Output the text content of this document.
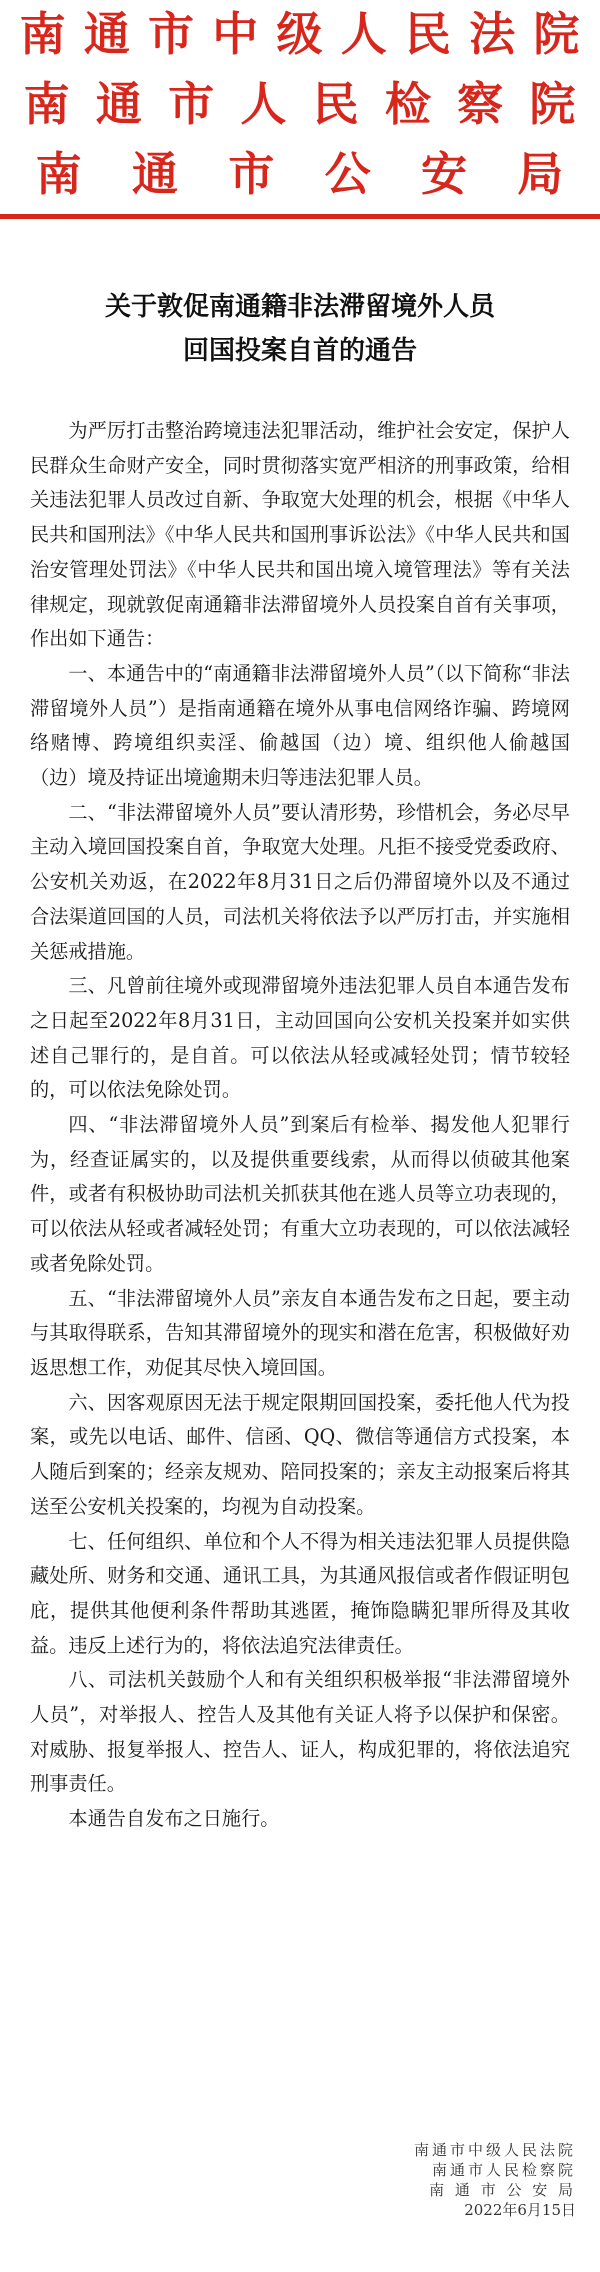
南 通 市 中 级 人 民 法 院
南 通 市 人 民 检 察 院
南 通 市 公 安 局
关于敦促南通籍非法滞留境外人员
回国投案自首的通告

为严厉打击整治跨境违法犯罪活动，维护社会安定，保护人民群众生命财产安全，同时贯彻落实宽严相济的刑事政策，给相关违法犯罪人员改过自新、争取宽大处理的机会，根据《中华人民共和国刑法》《中华人民共和国刑事诉讼法》《中华人民共和国治安管理处罚法》《中华人民共和国出境入境管理法》等有关法律规定，现就敦促南通籍非法滞留境外人员投案自首有关事项，作出如下通告：

一、本通告中的“南通籍非法滞留境外人员”（以下简称“非法滞留境外人员”）是指南通籍在境外从事电信网络诈骗、跨境网络赌博、跨境组织卖淫、偷越国（边）境、组织他人偷越国（边）境及持证出境逾期未归等违法犯罪人员。

二、“非法滞留境外人员”要认清形势，珍惜机会，务必尽早主动入境回国投案自首，争取宽大处理。凡拒不接受党委政府、公安机关劝返，在2022年8月31日之后仍滞留境外以及不通过合法渠道回国的人员，司法机关将依法予以严厉打击，并实施相关惩戒措施。

三、凡曾前往境外或现滞留境外违法犯罪人员自本通告发布之日起至2022年8月31日，主动回国向公安机关投案并如实供述自己罪行的，是自首。可以依法从轻或减轻处罚；情节较轻的，可以依法免除处罚。

四、“非法滞留境外人员”到案后有检举、揭发他人犯罪行为，经查证属实的，以及提供重要线索，从而得以侦破其他案件，或者有积极协助司法机关抓获其他在逃人员等立功表现的，可以依法从轻或者减轻处罚；有重大立功表现的，可以依法减轻或者免除处罚。

五、“非法滞留境外人员”亲友自本通告发布之日起，要主动与其取得联系，告知其滞留境外的现实和潜在危害，积极做好劝返思想工作，劝促其尽快入境回国。

六、因客观原因无法于规定限期回国投案，委托他人代为投案，或先以电话、邮件、信函、QQ、微信等通信方式投案，本人随后到案的；经亲友规劝、陪同投案的；亲友主动报案后将其送至公安机关投案的，均视为自动投案。

七、任何组织、单位和个人不得为相关违法犯罪人员提供隐藏处所、财务和交通、通讯工具，为其通风报信或者作假证明包庇，提供其他便利条件帮助其逃匿，掩饰隐瞒犯罪所得及其收益。违反上述行为的，将依法追究法律责任。

八、司法机关鼓励个人和有关组织积极举报“非法滞留境外人员”，对举报人、控告人及其他有关证人将予以保护和保密。对威胁、报复举报人、控告人、证人，构成犯罪的，将依法追究刑事责任。

本通告自发布之日施行。

南通市中级人民法院
南通市人民检察院
南 通 市 公 安 局
2022年6月15日
